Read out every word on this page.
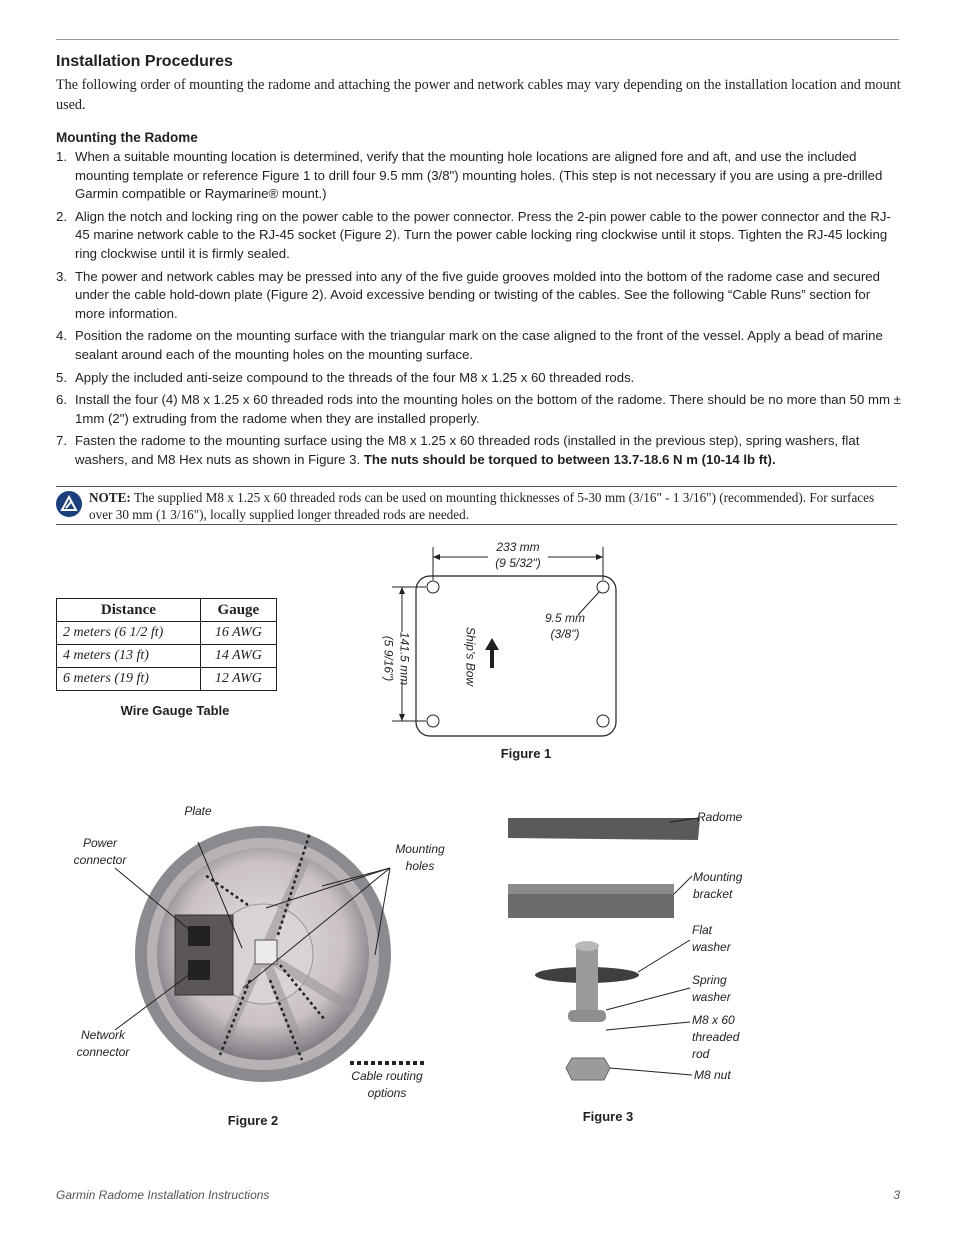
Installation Procedures

The following order of mounting the radome and attaching the power and network cables may vary depending on the installation location and mount used.

Mounting the Radome
1. When a suitable mounting location is determined, verify that the mounting hole locations are aligned fore and aft, and use the included mounting template or reference Figure 1 to drill four 9.5 mm (3/8") mounting holes. (This step is not necessary if you are using a pre-drilled Garmin compatible or Raymarine® mount.)
2. Align the notch and locking ring on the power cable to the power connector. Press the 2-pin power cable to the power connector and the RJ-45 marine network cable to the RJ-45 socket (Figure 2). Turn the power cable locking ring clockwise until it stops. Tighten the RJ-45 locking ring clockwise until it is firmly sealed.
3. The power and network cables may be pressed into any of the five guide grooves molded into the bottom of the radome case and secured under the cable hold-down plate (Figure 2). Avoid excessive bending or twisting of the cables. See the following “Cable Runs” section for more information.
4. Position the radome on the mounting surface with the triangular mark on the case aligned to the front of the vessel. Apply a bead of marine sealant around each of the mounting holes on the mounting surface.
5. Apply the included anti-seize compound to the threads of the four M8 x 1.25 x 60 threaded rods.
6. Install the four (4) M8 x 1.25 x 60 threaded rods into the mounting holes on the bottom of the radome. There should be no more than 50 mm ± 1mm (2") extruding from the radome when they are installed properly.
7. Fasten the radome to the mounting surface using the M8 x 1.25 x 60 threaded rods (installed in the previous step), spring washers, flat washers, and M8 Hex nuts as shown in Figure 3. The nuts should be torqued to between 13.7-18.6 N m (10-14 lb ft).

NOTE: The supplied M8 x 1.25 x 60 threaded rods can be used on mounting thicknesses of 5-30 mm (3/16" - 1 3/16") (recommended). For surfaces over 30 mm (1 3/16"), locally supplied longer threaded rods are needed.

Distance	Gauge
2 meters (6 1/2 ft)	16 AWG
4 meters (13 ft)	14 AWG
6 meters (19 ft)	12 AWG

Wire Gauge Table

233 mm

(9 5/32")

9.5 mm

(3/8")

141.5 mm

(5 9/16")	Ship’s Bow

Figure 1

Plate

Power connector

Mounting holes

Network connector

Cable routing options

Figure 2

Radome

Mounting bracket

Flat washer

Spring washer

M8 x 60 threaded rod

M8 nut

Figure 3

Garmin Radome Installation Instructions	3
